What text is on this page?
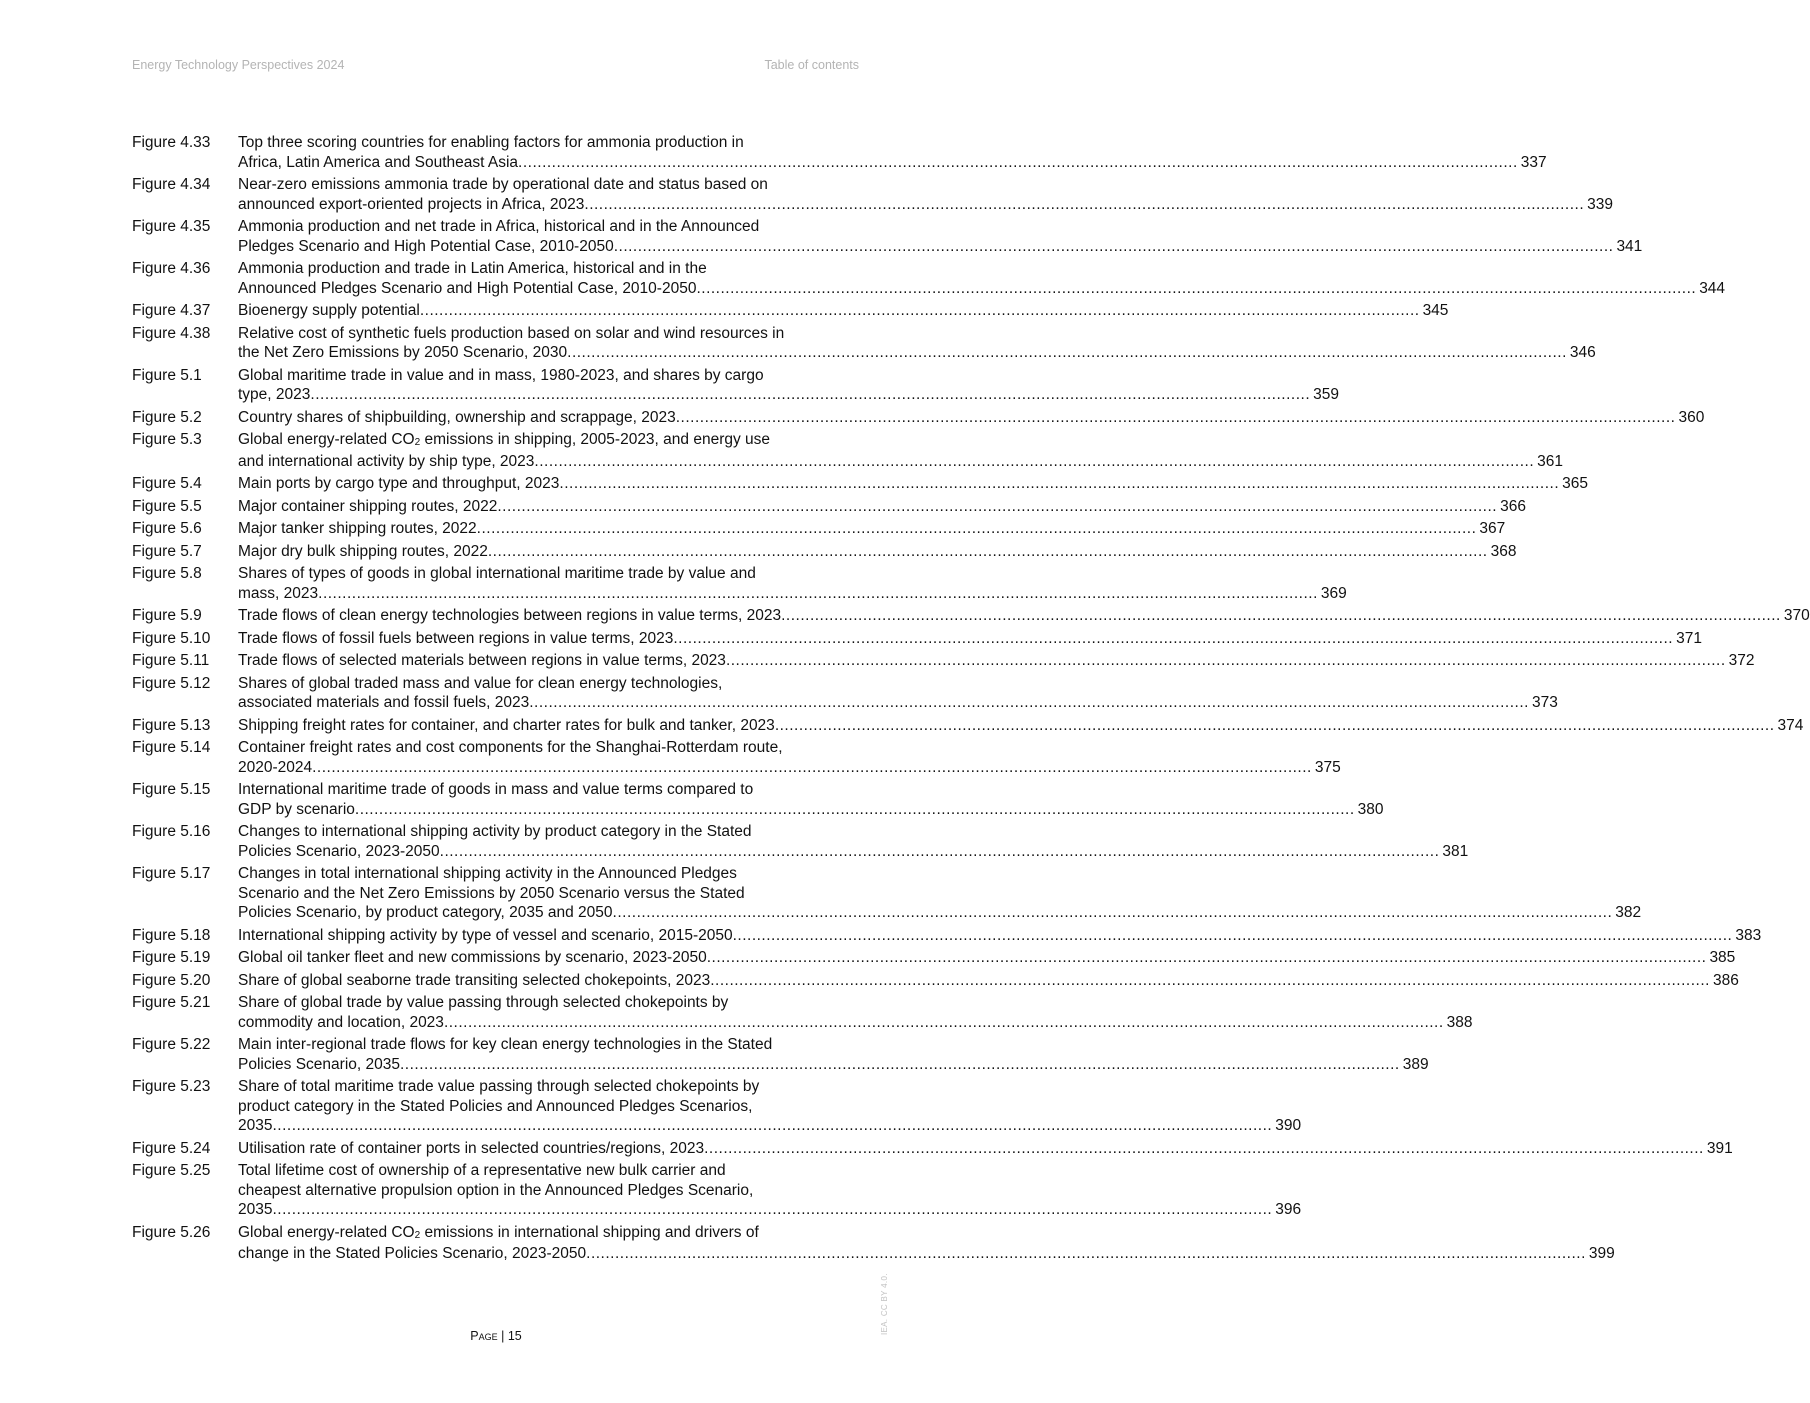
Energy Technology Perspectives 2024	Table of contents
Figure 4.33	Top three scoring countries for enabling factors for ammonia production in
Africa, Latin America and Southeast Asia .....	337
Figure 4.34	Near-zero emissions ammonia trade by operational date and status based on
announced export-oriented projects in Africa, 2023 .....	339
Figure 4.35	Ammonia production and net trade in Africa, historical and in the Announced
Pledges Scenario and High Potential Case, 2010-2050 .....	341
Figure 4.36	Ammonia production and trade in Latin America, historical and in the
Announced Pledges Scenario and High Potential Case, 2010-2050 .....	344
Figure 4.37	Bioenergy supply potential .....	345
Figure 4.38	Relative cost of synthetic fuels production based on solar and wind resources in
the Net Zero Emissions by 2050 Scenario, 2030 .....	346
Figure 5.1	Global maritime trade in value and in mass, 1980-2023, and shares by cargo
type, 2023 .....	359
Figure 5.2	Country shares of shipbuilding, ownership and scrappage, 2023 .....	360
Figure 5.3	Global energy-related $CO_2$ emissions in shipping, 2005-2023, and energy use
and international activity by ship type, 2023 .....	361
Figure 5.4	Main ports by cargo type and throughput, 2023 .....	365
Figure 5.5	Major container shipping routes, 2022 .....	366
Figure 5.6	Major tanker shipping routes, 2022 .....	367
Figure 5.7	Major dry bulk shipping routes, 2022 .....	368
Figure 5.8	Shares of types of goods in global international maritime trade by value and
mass, 2023 .....	369
Figure 5.9	Trade flows of clean energy technologies between regions in value terms, 2023 .....	370
Figure 5.10	Trade flows of fossil fuels between regions in value terms, 2023 .....	371
Figure 5.11	Trade flows of selected materials between regions in value terms, 2023 .....	372
Figure 5.12	Shares of global traded mass and value for clean energy technologies,
associated materials and fossil fuels, 2023 .....	373
Figure 5.13	Shipping freight rates for container, and charter rates for bulk and tanker, 2023 .....	374
Figure 5.14	Container freight rates and cost components for the Shanghai-Rotterdam route,
2020-2024 .....	375
Figure 5.15	International maritime trade of goods in mass and value terms compared to
GDP by scenario .....	380
Figure 5.16	Changes to international shipping activity by product category in the Stated
Policies Scenario, 2023-2050 .....	381
Figure 5.17	Changes in total international shipping activity in the Announced Pledges
Scenario and the Net Zero Emissions by 2050 Scenario versus the Stated
Policies Scenario, by product category, 2035 and 2050 .....	382
Figure 5.18	International shipping activity by type of vessel and scenario, 2015-2050 .....	383
Figure 5.19	Global oil tanker fleet and new commissions by scenario, 2023-2050 .....	385
Figure 5.20	Share of global seaborne trade transiting selected chokepoints, 2023 .....	386
Figure 5.21	Share of global trade by value passing through selected chokepoints by
commodity and location, 2023 .....	388
Figure 5.22	Main inter-regional trade flows for key clean energy technologies in the Stated
Policies Scenario, 2035 .....	389
Figure 5.23	Share of total maritime trade value passing through selected chokepoints by
product category in the Stated Policies and Announced Pledges Scenarios,
2035 .....	390
Figure 5.24	Utilisation rate of container ports in selected countries/regions, 2023 .....	391
Figure 5.25	Total lifetime cost of ownership of a representative new bulk carrier and
cheapest alternative propulsion option in the Announced Pledges Scenario,
2035 .....	396
Figure 5.26	Global energy-related $CO_2$ emissions in international shipping and drivers of
change in the Stated Policies Scenario, 2023-2050 .....	399
Page | 15
IEA. CC BY 4.0.
